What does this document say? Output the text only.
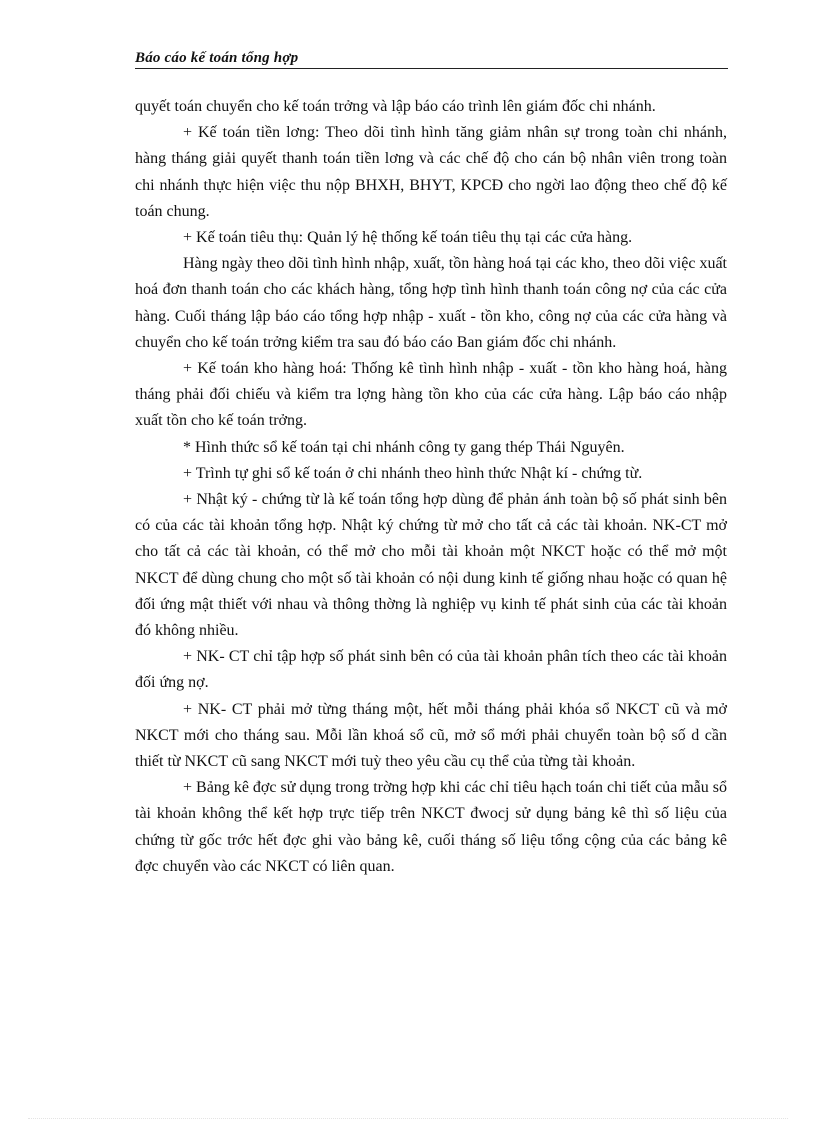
Báo cáo kế toán tổng hợp

quyết toán chuyển cho kế toán trởng và lập báo cáo trình lên giám đốc chi nhánh.

+ Kế toán tiền lơng: Theo dõi tình hình tăng giảm nhân sự trong toàn chi nhánh, hàng tháng giải quyết thanh toán tiền lơng và các chế độ cho cán bộ nhân viên trong toàn chi nhánh thực hiện việc thu nộp BHXH, BHYT, KPCĐ cho ngời lao động theo chế độ kế toán chung.

+ Kế toán tiêu thụ: Quản lý hệ thống kế toán tiêu thụ tại các cửa hàng.

Hàng ngày theo dõi tình hình nhập, xuất, tồn hàng hoá tại các kho, theo dõi việc xuất hoá đơn thanh toán cho các khách hàng, tổng hợp tình hình thanh toán công nợ của các cửa hàng. Cuối tháng lập báo cáo tổng hợp nhập - xuất - tồn kho, công nợ của các cửa hàng và chuyển cho kế toán trởng kiểm tra sau đó báo cáo Ban giám đốc chi nhánh.

+ Kế toán kho hàng hoá: Thống kê tình hình nhập - xuất - tồn kho hàng hoá, hàng tháng phải đối chiếu và kiểm tra lợng hàng tồn kho của các cửa hàng. Lập báo cáo nhập xuất tồn cho kế toán trởng.

* Hình thức sổ kế toán tại chi nhánh công ty gang thép Thái Nguyên.

+ Trình tự ghi sổ kế toán ở chi nhánh theo hình thức Nhật kí - chứng từ.

+ Nhật ký - chứng từ là kế toán tổng hợp dùng để phản ánh toàn bộ số phát sinh bên có của các tài khoản tổng hợp. Nhật ký chứng từ mở cho tất cả các tài khoản. NK-CT mở cho tất cả các tài khoản, có thể mở cho mỗi tài khoản một NKCT hoặc có thể mở một NKCT để dùng chung cho một số tài khoản có nội dung kinh tế giống nhau hoặc có quan hệ đối ứng mật thiết với nhau và thông thờng là nghiệp vụ kinh tế phát sinh của các tài khoản đó không nhiều.

+ NK- CT chỉ tập hợp số phát sinh bên có của tài khoản phân tích theo các tài khoản đối ứng nợ.

+ NK- CT phải mở từng tháng một, hết mỗi tháng phải khóa sổ NKCT cũ và mở NKCT mới cho tháng sau. Mỗi lần khoá sổ cũ, mở sổ mới phải chuyển toàn bộ số d cần thiết từ NKCT cũ sang NKCT mới tuỳ theo yêu cầu cụ thể của từng tài khoản.

+ Bảng kê đợc sử dụng trong trờng hợp khi các chỉ tiêu hạch toán chi tiết của mẫu sổ tài khoản không thể kết hợp trực tiếp trên NKCT đwocj sử dụng bảng kê thì số liệu của chứng từ gốc trớc hết đợc ghi vào bảng kê, cuối tháng số liệu tổng cộng của các bảng kê đợc chuyển vào các NKCT có liên quan.
